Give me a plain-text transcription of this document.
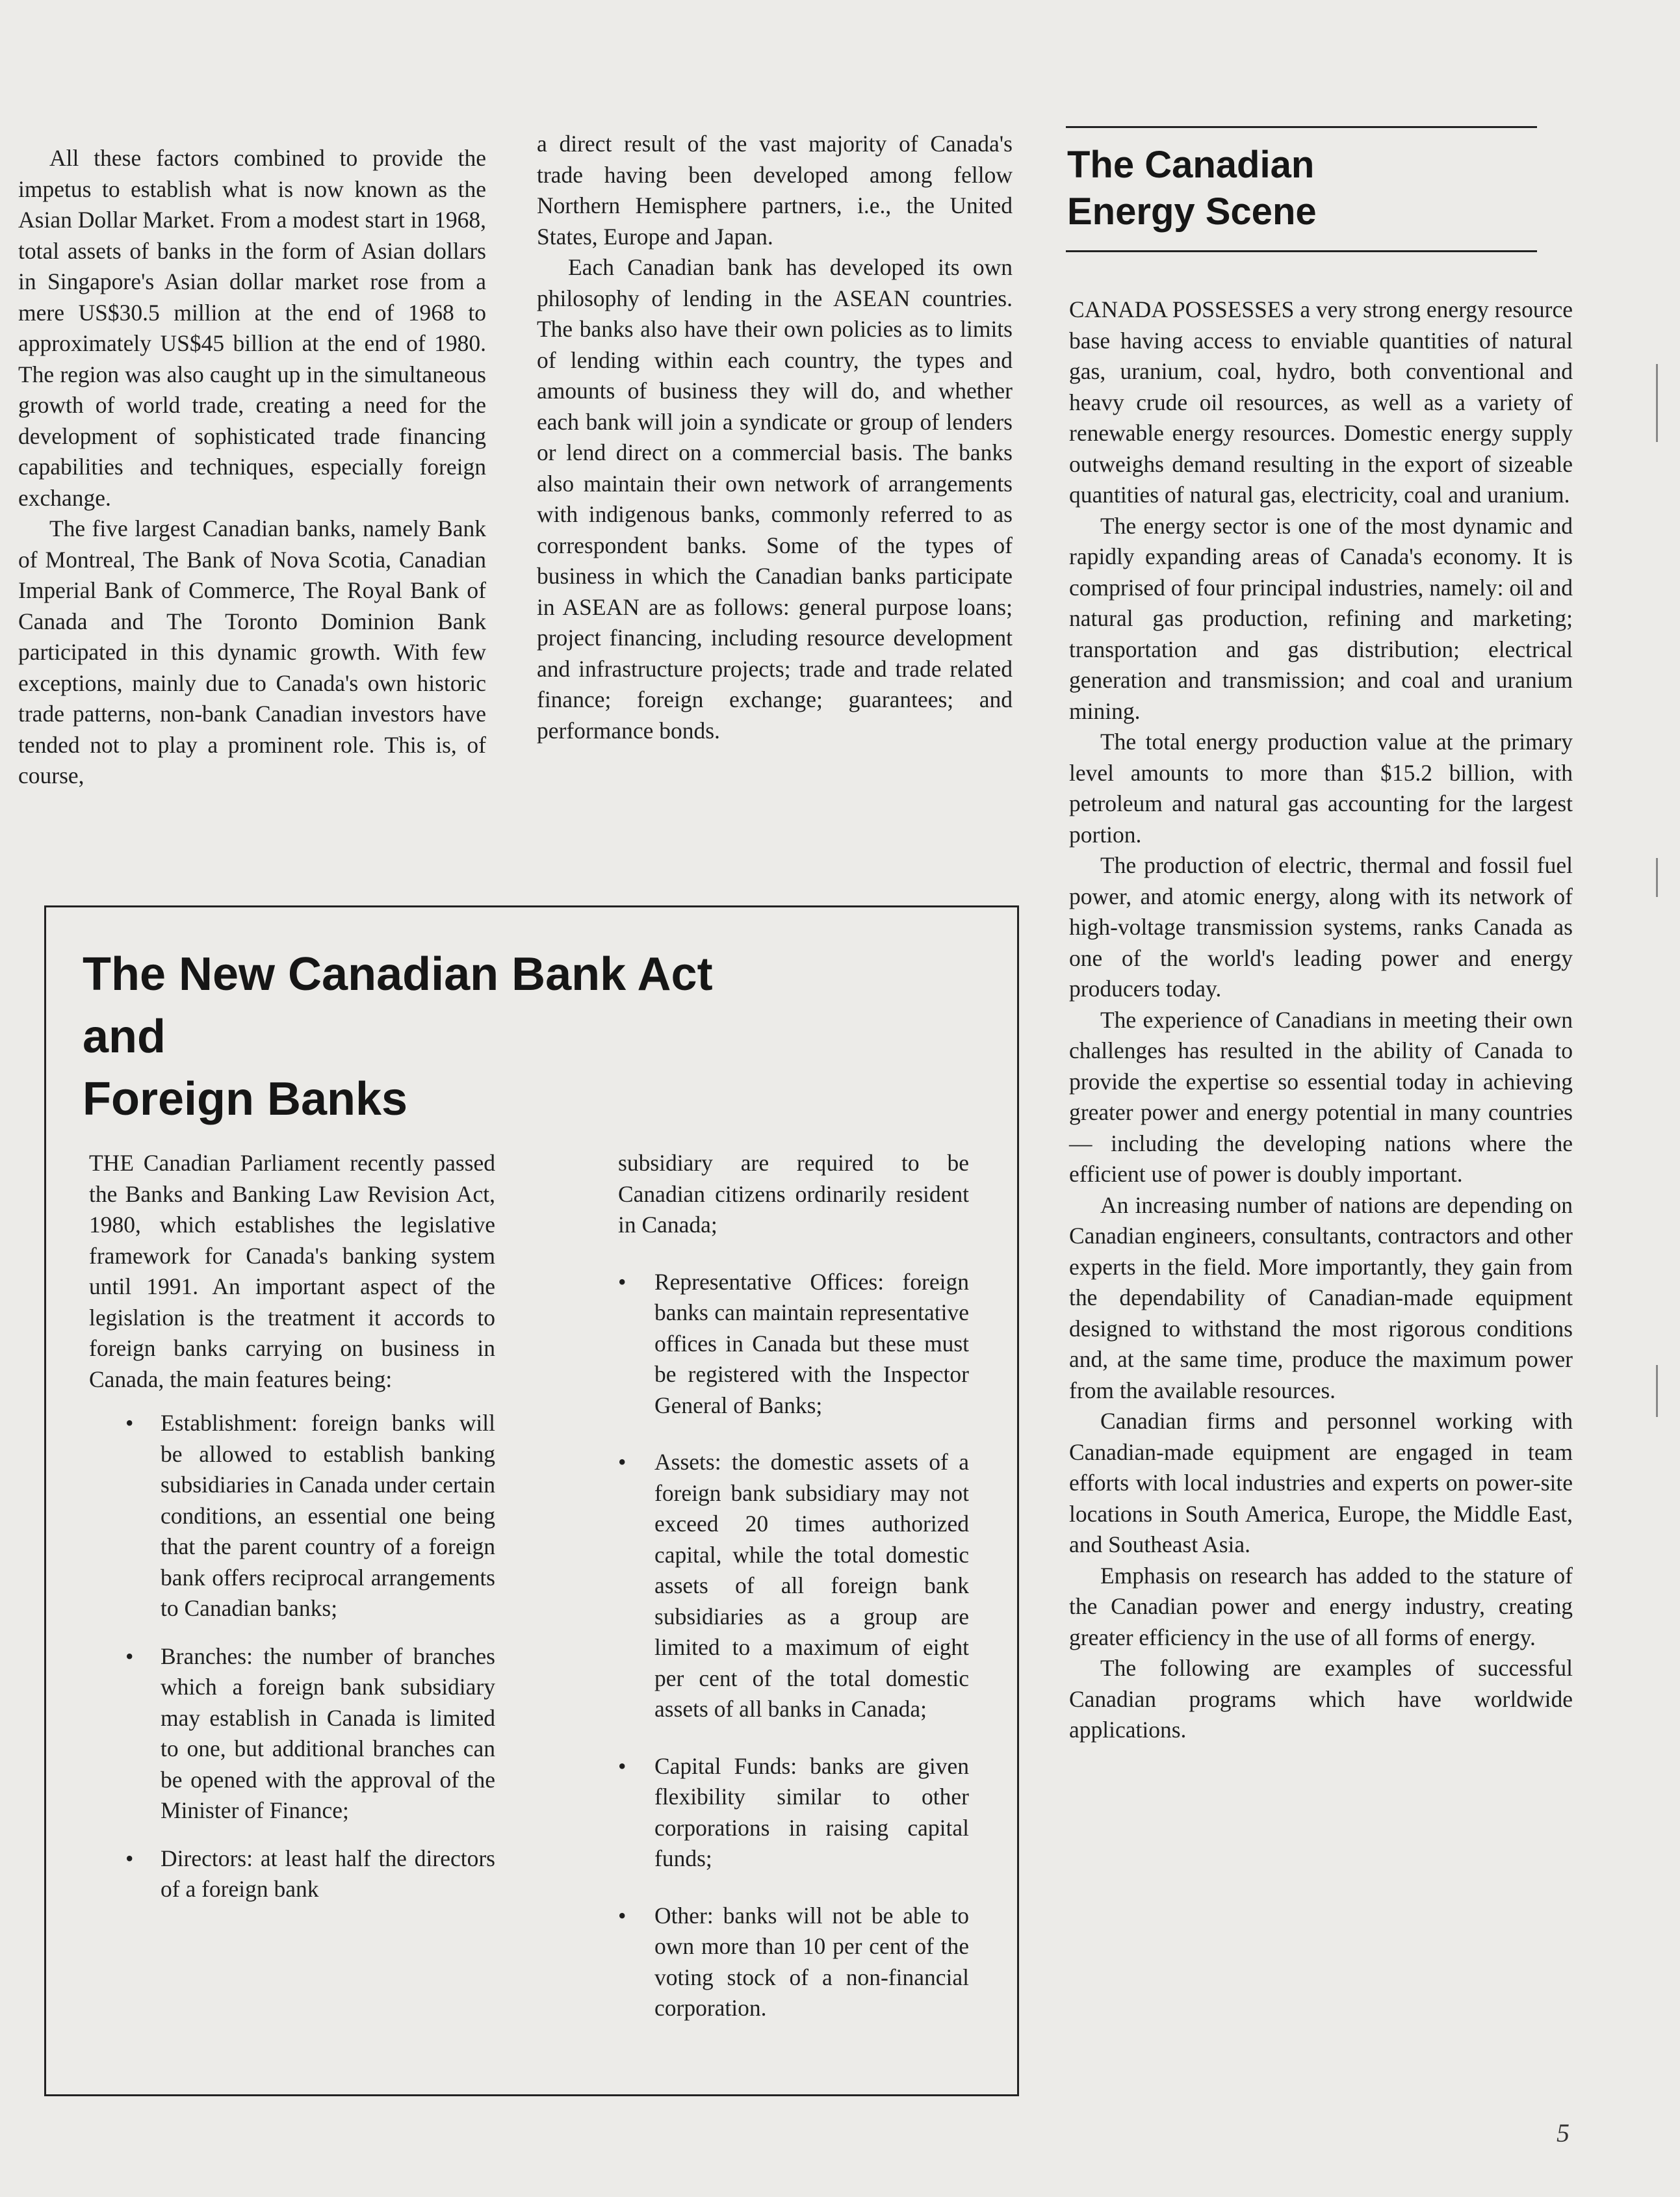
All these factors combined to provide the impetus to establish what is now known as the Asian Dollar Market. From a modest start in 1968, total assets of banks in the form of Asian dollars in Singapore's Asian dollar market rose from a mere US$30.5 million at the end of 1968 to approximately US$45 billion at the end of 1980. The region was also caught up in the simultaneous growth of world trade, creating a need for the development of sophisticated trade financing capabilities and techniques, especially foreign exchange.

The five largest Canadian banks, namely Bank of Montreal, The Bank of Nova Scotia, Canadian Imperial Bank of Commerce, The Royal Bank of Canada and The Toronto Dominion Bank participated in this dynamic growth. With few exceptions, mainly due to Canada's own historic trade patterns, non-bank Canadian investors have tended not to play a prominent role. This is, of course,

a direct result of the vast majority of Canada's trade having been developed among fellow Northern Hemisphere partners, i.e., the United States, Europe and Japan.

Each Canadian bank has developed its own philosophy of lending in the ASEAN countries. The banks also have their own policies as to limits of lending within each country, the types and amounts of business they will do, and whether each bank will join a syndicate or group of lenders or lend direct on a commercial basis. The banks also maintain their own network of arrangements with indigenous banks, commonly referred to as correspondent banks. Some of the types of business in which the Canadian banks participate in ASEAN are as follows: general purpose loans; project financing, including resource development and infrastructure projects; trade and trade related finance; foreign exchange; guarantees; and performance bonds.

The Canadian
Energy Scene

CANADA POSSESSES a very strong energy resource base having access to enviable quantities of natural gas, uranium, coal, hydro, both conventional and heavy crude oil resources, as well as a variety of renewable energy resources. Domestic energy supply outweighs demand resulting in the export of sizeable quantities of natural gas, electricity, coal and uranium.

The energy sector is one of the most dynamic and rapidly expanding areas of Canada's economy. It is comprised of four principal industries, namely: oil and natural gas production, refining and marketing; transportation and gas distribution; electrical generation and transmission; and coal and uranium mining.

The total energy production value at the primary level amounts to more than $15.2 billion, with petroleum and natural gas accounting for the largest portion.

The production of electric, thermal and fossil fuel power, and atomic energy, along with its network of high-voltage transmission systems, ranks Canada as one of the world's leading power and energy producers today.

The experience of Canadians in meeting their own challenges has resulted in the ability of Canada to provide the expertise so essential today in achieving greater power and energy potential in many countries — including the developing nations where the efficient use of power is doubly important.

An increasing number of nations are depending on Canadian engineers, consultants, contractors and other experts in the field. More importantly, they gain from the dependability of Canadian-made equipment designed to withstand the most rigorous conditions and, at the same time, produce the maximum power from the available resources.

Canadian firms and personnel working with Canadian-made equipment are engaged in team efforts with local industries and experts on power-site locations in South America, Europe, the Middle East, and Southeast Asia.

Emphasis on research has added to the stature of the Canadian power and energy industry, creating greater efficiency in the use of all forms of energy.

The following are examples of successful Canadian programs which have worldwide applications.

The New Canadian Bank Act
and
Foreign Banks

THE Canadian Parliament recently passed the Banks and Banking Law Revision Act, 1980, which establishes the legislative framework for Canada's banking system until 1991. An important aspect of the legislation is the treatment it accords to foreign banks carrying on business in Canada, the main features being:

• Establishment: foreign banks will be allowed to establish banking subsidiaries in Canada under certain conditions, an essential one being that the parent country of a foreign bank offers reciprocal arrangements to Canadian banks;
• Branches: the number of branches which a foreign bank subsidiary may establish in Canada is limited to one, but additional branches can be opened with the approval of the Minister of Finance;
• Directors: at least half the directors of a foreign bank

subsidiary are required to be Canadian citizens ordinarily resident in Canada;

• Representative Offices: foreign banks can maintain representative offices in Canada but these must be registered with the Inspector General of Banks;
• Assets: the domestic assets of a foreign bank subsidiary may not exceed 20 times authorized capital, while the total domestic assets of all foreign bank subsidiaries as a group are limited to a maximum of eight per cent of the total domestic assets of all banks in Canada;
• Capital Funds: banks are given flexibility similar to other corporations in raising capital funds;
• Other: banks will not be able to own more than 10 per cent of the voting stock of a non-financial corporation.
5
